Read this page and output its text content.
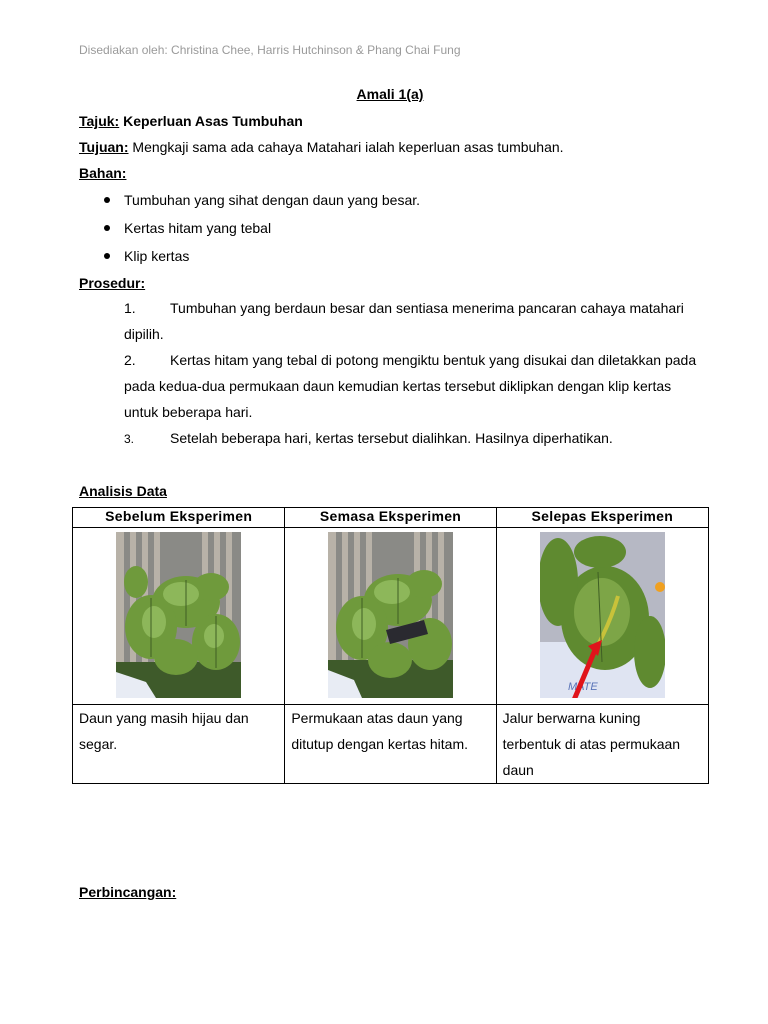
Disediakan oleh: Christina Chee, Harris Hutchinson & Phang Chai Fung
Amali 1(a)
Tajuk: Keperluan Asas Tumbuhan
Tujuan: Mengkaji sama ada cahaya Matahari ialah keperluan asas tumbuhan.
Bahan:
Tumbuhan yang sihat dengan daun yang besar.
Kertas hitam yang tebal
Klip kertas
Prosedur:

1. Tumbuhan yang berdaun besar dan sentiasa menerima pancaran cahaya matahari dipilih.

2. Kertas hitam yang tebal di potong mengiktu bentuk yang disukai dan diletakkan pada pada kedua-dua permukaan daun kemudian kertas tersebut diklipkan dengan klip kertas untuk beberapa hari.

3.	Setelah beberapa hari, kertas tersebut dialihkan. Hasilnya diperhatikan.

Analisis Data
Sebelum Eksperimen	Semasa Eksperimen	Selepas Eksperimen

MATE

Daun yang masih hijau dan segar.	Permukaan atas daun yang ditutup dengan kertas hitam.	Jalur berwarna kuning terbentuk di atas permukaan daun
Perbincangan:
